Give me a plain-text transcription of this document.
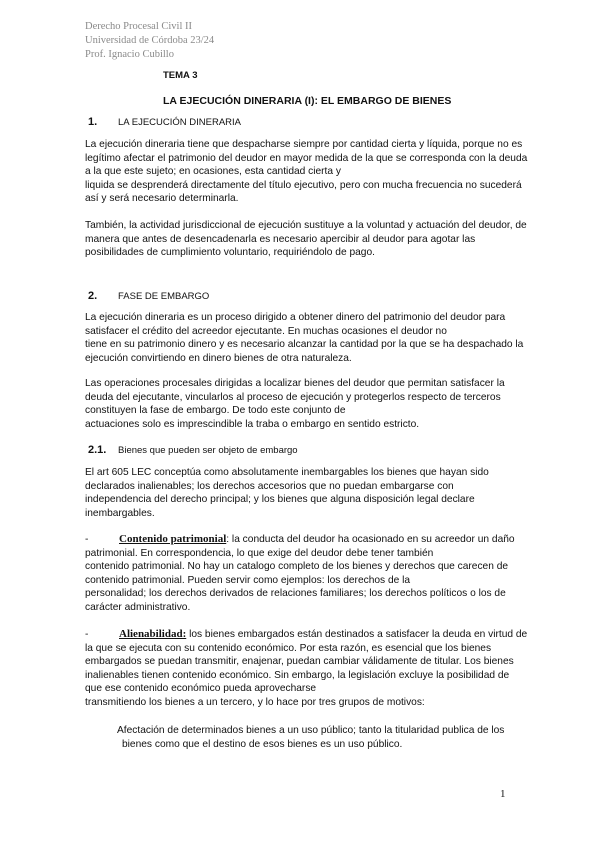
Derecho Procesal Civil II
Universidad de Córdoba 23/24
Prof. Ignacio Cubillo
TEMA 3
LA EJECUCIÓN DINERARIA (I): EL EMBARGO DE BIENES
1. LA EJECUCIÓN DINERARIA
La ejecución dineraria tiene que despacharse siempre por cantidad cierta y líquida, porque no es
legítimo afectar el patrimonio del deudor en mayor medida de la que se corresponda con la deuda
a la que este sujeto; en ocasiones, esta cantidad cierta y
liquida se desprenderá directamente del título ejecutivo, pero con mucha frecuencia no sucederá
así y será necesario determinarla.
También, la actividad jurisdiccional de ejecución sustituye a la voluntad y actuación del deudor, de
manera que antes de desencadenarla es necesario apercibir al deudor para agotar las
posibilidades de cumplimiento voluntario, requiriéndolo de pago.
2. FASE DE EMBARGO
La ejecución dineraria es un proceso dirigido a obtener dinero del patrimonio del deudor para
satisfacer el crédito del acreedor ejecutante. En muchas ocasiones el deudor no
tiene en su patrimonio dinero y es necesario alcanzar la cantidad por la que se ha despachado la
ejecución convirtiendo en dinero bienes de otra naturaleza.
Las operaciones procesales dirigidas a localizar bienes del deudor que permitan satisfacer la
deuda del ejecutante, vincularlos al proceso de ejecución y protegerlos respecto de terceros
constituyen la fase de embargo. De todo este conjunto de
actuaciones solo es imprescindible la traba o embargo en sentido estricto.
2.1. Bienes que pueden ser objeto de embargo
El art 605 LEC conceptúa como absolutamente inembargables los bienes que hayan sido
declarados inalienables; los derechos accesorios que no puedan embargarse con
independencia del derecho principal; y los bienes que alguna disposición legal declare
inembargables.
-	Contenido patrimonial: la conducta del deudor ha ocasionado en su acreedor un daño
patrimonial. En correspondencia, lo que exige del deudor debe tener también
contenido patrimonial. No hay un catalogo completo de los bienes y derechos que carecen de
contenido patrimonial. Pueden servir como ejemplos: los derechos de la
personalidad; los derechos derivados de relaciones familiares; los derechos políticos o los de
carácter administrativo.
-	Alienabilidad: los bienes embargados están destinados a satisfacer la deuda en virtud de
la que se ejecuta con su contenido económico. Por esta razón, es esencial que los bienes
embargados se puedan transmitir, enajenar, puedan cambiar válidamente de titular. Los bienes
inalienables tienen contenido económico. Sin embargo, la legislación excluye la posibilidad de
que ese contenido económico pueda aprovecharse
transmitiendo los bienes a un tercero, y lo hace por tres grupos de motivos:
Afectación de determinados bienes a un uso público; tanto la titularidad publica de los
bienes como que el destino de esos bienes es un uso público.
1
